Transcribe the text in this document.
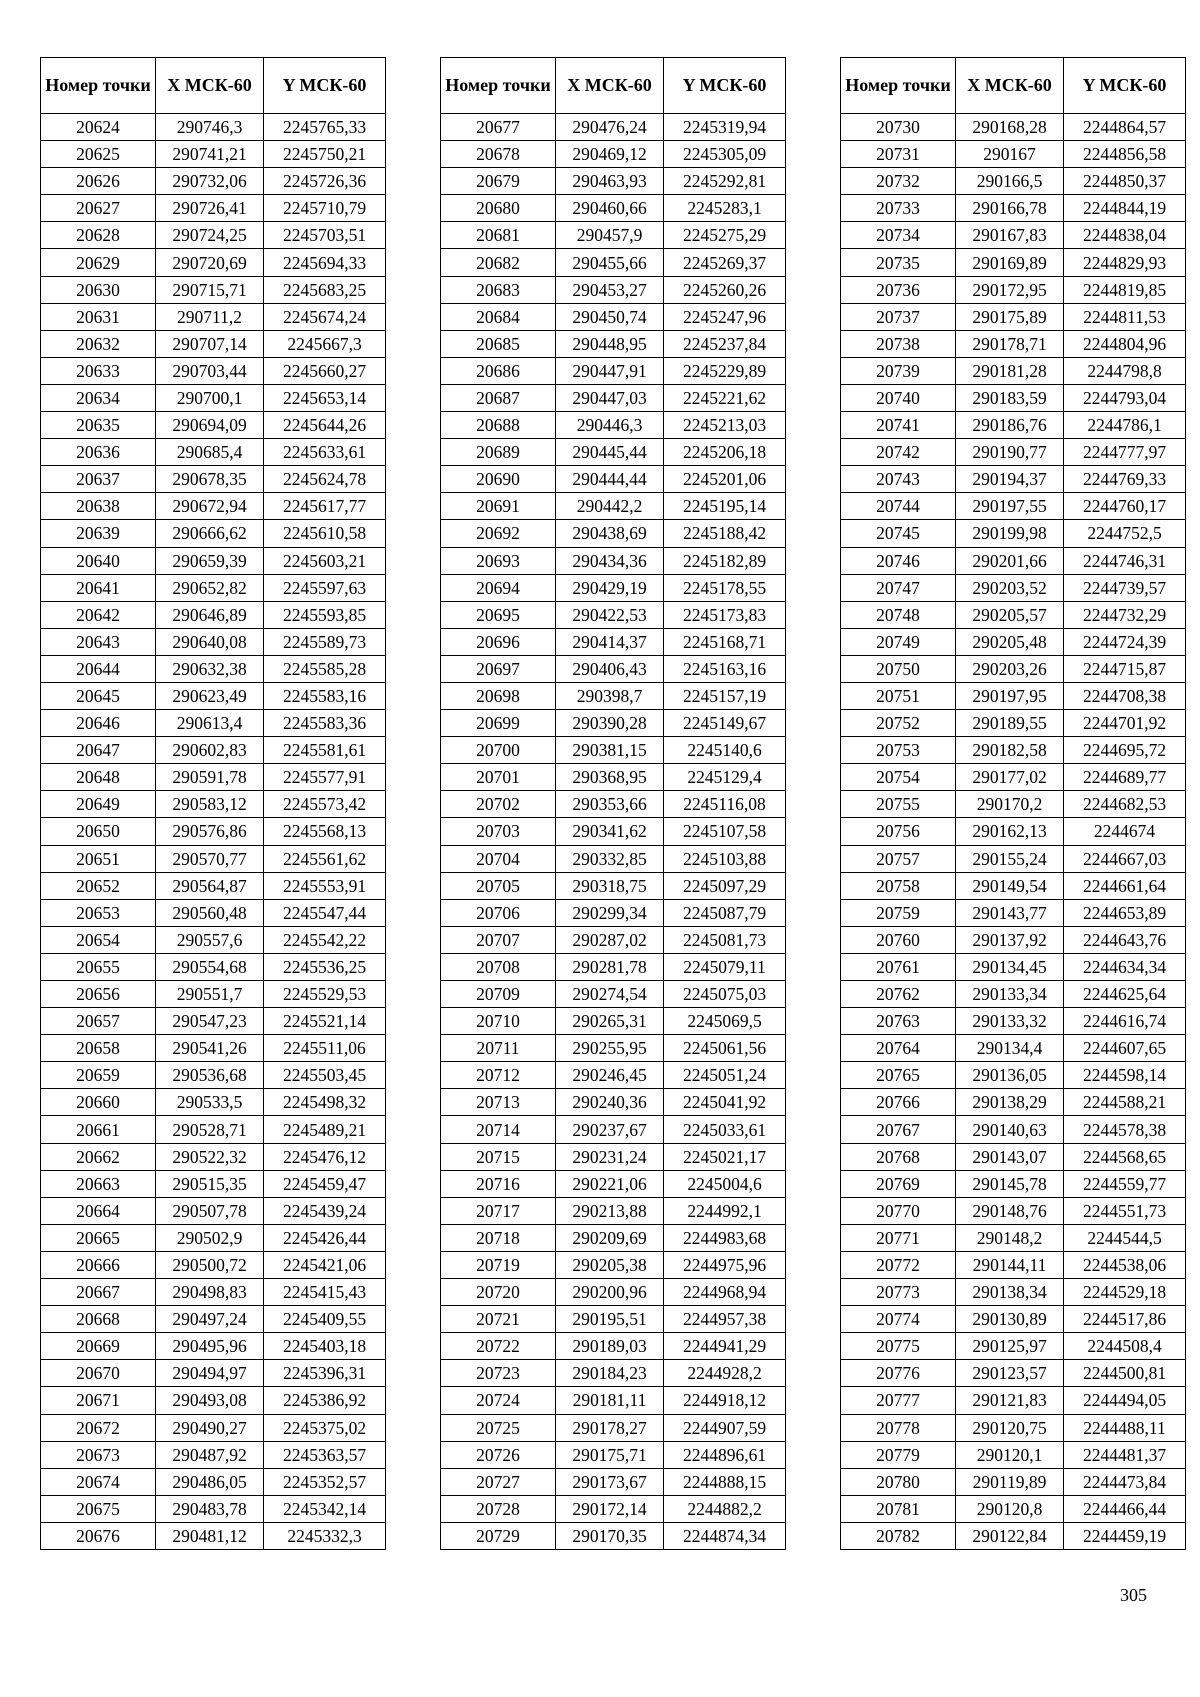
Номер точки	X МСК-60	Y МСК-60
20624	290746,3	2245765,33
20625	290741,21	2245750,21
20626	290732,06	2245726,36
20627	290726,41	2245710,79
20628	290724,25	2245703,51
20629	290720,69	2245694,33
20630	290715,71	2245683,25
20631	290711,2	2245674,24
20632	290707,14	2245667,3
20633	290703,44	2245660,27
20634	290700,1	2245653,14
20635	290694,09	2245644,26
20636	290685,4	2245633,61
20637	290678,35	2245624,78
20638	290672,94	2245617,77
20639	290666,62	2245610,58
20640	290659,39	2245603,21
20641	290652,82	2245597,63
20642	290646,89	2245593,85
20643	290640,08	2245589,73
20644	290632,38	2245585,28
20645	290623,49	2245583,16
20646	290613,4	2245583,36
20647	290602,83	2245581,61
20648	290591,78	2245577,91
20649	290583,12	2245573,42
20650	290576,86	2245568,13
20651	290570,77	2245561,62
20652	290564,87	2245553,91
20653	290560,48	2245547,44
20654	290557,6	2245542,22
20655	290554,68	2245536,25
20656	290551,7	2245529,53
20657	290547,23	2245521,14
20658	290541,26	2245511,06
20659	290536,68	2245503,45
20660	290533,5	2245498,32
20661	290528,71	2245489,21
20662	290522,32	2245476,12
20663	290515,35	2245459,47
20664	290507,78	2245439,24
20665	290502,9	2245426,44
20666	290500,72	2245421,06
20667	290498,83	2245415,43
20668	290497,24	2245409,55
20669	290495,96	2245403,18
20670	290494,97	2245396,31
20671	290493,08	2245386,92
20672	290490,27	2245375,02
20673	290487,92	2245363,57
20674	290486,05	2245352,57
20675	290483,78	2245342,14
20676	290481,12	2245332,3
Номер точки	X МСК-60	Y МСК-60
20677	290476,24	2245319,94
20678	290469,12	2245305,09
20679	290463,93	2245292,81
20680	290460,66	2245283,1
20681	290457,9	2245275,29
20682	290455,66	2245269,37
20683	290453,27	2245260,26
20684	290450,74	2245247,96
20685	290448,95	2245237,84
20686	290447,91	2245229,89
20687	290447,03	2245221,62
20688	290446,3	2245213,03
20689	290445,44	2245206,18
20690	290444,44	2245201,06
20691	290442,2	2245195,14
20692	290438,69	2245188,42
20693	290434,36	2245182,89
20694	290429,19	2245178,55
20695	290422,53	2245173,83
20696	290414,37	2245168,71
20697	290406,43	2245163,16
20698	290398,7	2245157,19
20699	290390,28	2245149,67
20700	290381,15	2245140,6
20701	290368,95	2245129,4
20702	290353,66	2245116,08
20703	290341,62	2245107,58
20704	290332,85	2245103,88
20705	290318,75	2245097,29
20706	290299,34	2245087,79
20707	290287,02	2245081,73
20708	290281,78	2245079,11
20709	290274,54	2245075,03
20710	290265,31	2245069,5
20711	290255,95	2245061,56
20712	290246,45	2245051,24
20713	290240,36	2245041,92
20714	290237,67	2245033,61
20715	290231,24	2245021,17
20716	290221,06	2245004,6
20717	290213,88	2244992,1
20718	290209,69	2244983,68
20719	290205,38	2244975,96
20720	290200,96	2244968,94
20721	290195,51	2244957,38
20722	290189,03	2244941,29
20723	290184,23	2244928,2
20724	290181,11	2244918,12
20725	290178,27	2244907,59
20726	290175,71	2244896,61
20727	290173,67	2244888,15
20728	290172,14	2244882,2
20729	290170,35	2244874,34
Номер точки	X МСК-60	Y МСК-60
20730	290168,28	2244864,57
20731	290167	2244856,58
20732	290166,5	2244850,37
20733	290166,78	2244844,19
20734	290167,83	2244838,04
20735	290169,89	2244829,93
20736	290172,95	2244819,85
20737	290175,89	2244811,53
20738	290178,71	2244804,96
20739	290181,28	2244798,8
20740	290183,59	2244793,04
20741	290186,76	2244786,1
20742	290190,77	2244777,97
20743	290194,37	2244769,33
20744	290197,55	2244760,17
20745	290199,98	2244752,5
20746	290201,66	2244746,31
20747	290203,52	2244739,57
20748	290205,57	2244732,29
20749	290205,48	2244724,39
20750	290203,26	2244715,87
20751	290197,95	2244708,38
20752	290189,55	2244701,92
20753	290182,58	2244695,72
20754	290177,02	2244689,77
20755	290170,2	2244682,53
20756	290162,13	2244674
20757	290155,24	2244667,03
20758	290149,54	2244661,64
20759	290143,77	2244653,89
20760	290137,92	2244643,76
20761	290134,45	2244634,34
20762	290133,34	2244625,64
20763	290133,32	2244616,74
20764	290134,4	2244607,65
20765	290136,05	2244598,14
20766	290138,29	2244588,21
20767	290140,63	2244578,38
20768	290143,07	2244568,65
20769	290145,78	2244559,77
20770	290148,76	2244551,73
20771	290148,2	2244544,5
20772	290144,11	2244538,06
20773	290138,34	2244529,18
20774	290130,89	2244517,86
20775	290125,97	2244508,4
20776	290123,57	2244500,81
20777	290121,83	2244494,05
20778	290120,75	2244488,11
20779	290120,1	2244481,37
20780	290119,89	2244473,84
20781	290120,8	2244466,44
20782	290122,84	2244459,19
305
